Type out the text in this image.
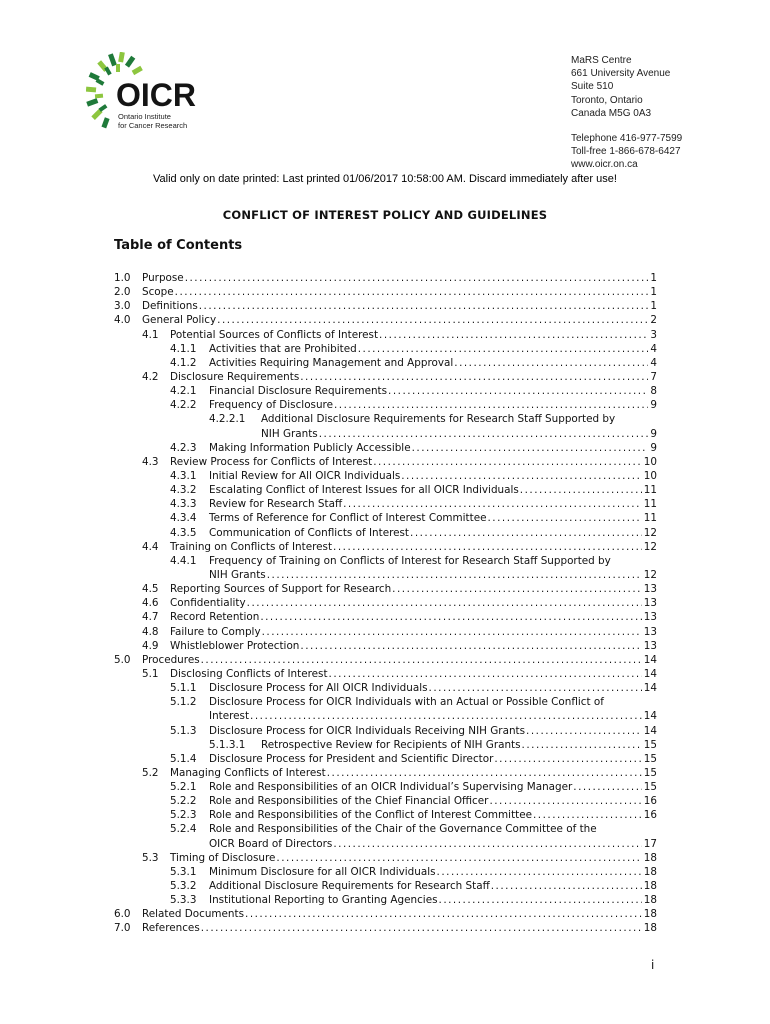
OICR
Ontario Institute
for Cancer Research
MaRS Centre
661 University Avenue
Suite 510
Toronto, Ontario
Canada M5G 0A3
Telephone 416-977-7599
Toll-free 1-866-678-6427
www.oicr.on.ca
Valid only on date printed: Last printed 01/06/2017 10:58:00 AM. Discard immediately after use!
CONFLICT OF INTEREST POLICY AND GUIDELINES
Table of Contents
1.0 Purpose .....	1
2.0 Scope .....	1
3.0 Definitions .....	1
4.0 General Policy .....	2
4.1 Potential Sources of Conflicts of Interest .....	3
4.1.1 Activities that are Prohibited .....	4
4.1.2 Activities Requiring Management and Approval .....	4
4.2 Disclosure Requirements .....	7
4.2.1 Financial Disclosure Requirements .....	8
4.2.2 Frequency of Disclosure .....	9
4.2.2.1 Additional Disclosure Requirements for Research Staff Supported by
NIH Grants .....	9
4.2.3 Making Information Publicly Accessible .....	9
4.3 Review Process for Conflicts of Interest .....	10
4.3.1 Initial Review for All OICR Individuals .....	10
4.3.2 Escalating Conflict of Interest Issues for all OICR Individuals .....	11
4.3.3 Review for Research Staff .....	11
4.3.4 Terms of Reference for Conflict of Interest Committee .....	11
4.3.5 Communication of Conflicts of Interest .....	12
4.4 Training on Conflicts of Interest .....	12
4.4.1 Frequency of Training on Conflicts of Interest for Research Staff Supported by
NIH Grants .....	12
4.5 Reporting Sources of Support for Research .....	13
4.6 Confidentiality .....	13
4.7 Record Retention .....	13
4.8 Failure to Comply .....	13
4.9 Whistleblower Protection .....	13
5.0 Procedures .....	14
5.1 Disclosing Conflicts of Interest .....	14
5.1.1 Disclosure Process for All OICR Individuals .....	14
5.1.2 Disclosure Process for OICR Individuals with an Actual or Possible Conflict of
Interest .....	14
5.1.3 Disclosure Process for OICR Individuals Receiving NIH Grants .....	14
5.1.3.1 Retrospective Review for Recipients of NIH Grants .....	15
5.1.4 Disclosure Process for President and Scientific Director .....	15
5.2 Managing Conflicts of Interest .....	15
5.2.1 Role and Responsibilities of an OICR Individual’s Supervising Manager .....	15
5.2.2 Role and Responsibilities of the Chief Financial Officer .....	16
5.2.3 Role and Responsibilities of the Conflict of Interest Committee .....	16
5.2.4 Role and Responsibilities of the Chair of the Governance Committee of the
OICR Board of Directors .....	17
5.3 Timing of Disclosure .....	18
5.3.1 Minimum Disclosure for all OICR Individuals .....	18
5.3.2 Additional Disclosure Requirements for Research Staff .....	18
5.3.3 Institutional Reporting to Granting Agencies .....	18
6.0 Related Documents .....	18
7.0 References .....	18
i
